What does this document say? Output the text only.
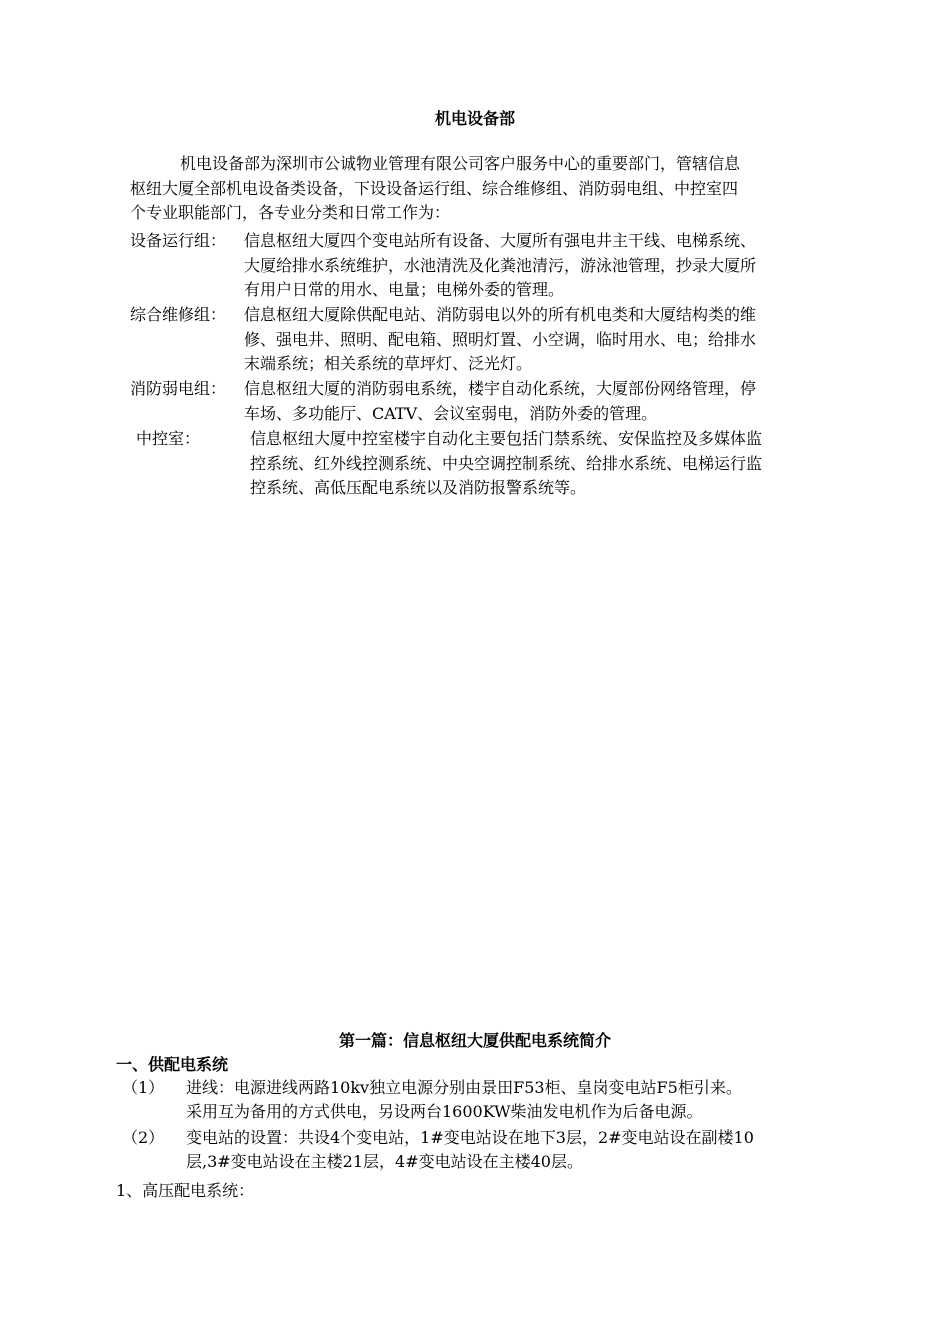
机电设备部
机电设备部为深圳市公诚物业管理有限公司客户服务中心的重要部门，管辖信息
枢纽大厦全部机电设备类设备，下设设备运行组、综合维修组、消防弱电组、中控室四
个专业职能部门，各专业分类和日常工作为：
设备运行组： 信息枢纽大厦四个变电站所有设备、大厦所有强电井主干线、电梯系统、
大厦给排水系统维护，水池清洗及化粪池清污，游泳池管理，抄录大厦所
有用户日常的用水、电量；电梯外委的管理。
综合维修组： 信息枢纽大厦除供配电站、消防弱电以外的所有机电类和大厦结构类的维
修、强电井、照明、配电箱、照明灯置、小空调，临时用水、电；给排水
末端系统；相关系统的草坪灯、泛光灯。
消防弱电组： 信息枢纽大厦的消防弱电系统，楼宇自动化系统，大厦部份网络管理，停
车场、多功能厅、CATV、会议室弱电，消防外委的管理。
中控室：	信息枢纽大厦中控室楼宇自动化主要包括门禁系统、安保监控及多媒体监
控系统、红外线控测系统、中央空调控制系统、给排水系统、电梯运行监
控系统、高低压配电系统以及消防报警系统等。
第一篇：信息枢纽大厦供配电系统简介
一、供配电系统
（1） 进线：电源进线两路10kv独立电源分别由景田F53柜、皇岗变电站F5柜引来。
采用互为备用的方式供电，另设两台1600KW柴油发电机作为后备电源。
（2） 变电站的设置：共设4个变电站，1#变电站设在地下3层，2#变电站设在副楼10
层,3#变电站设在主楼21层，4#变电站设在主楼40层。
1、高压配电系统：
